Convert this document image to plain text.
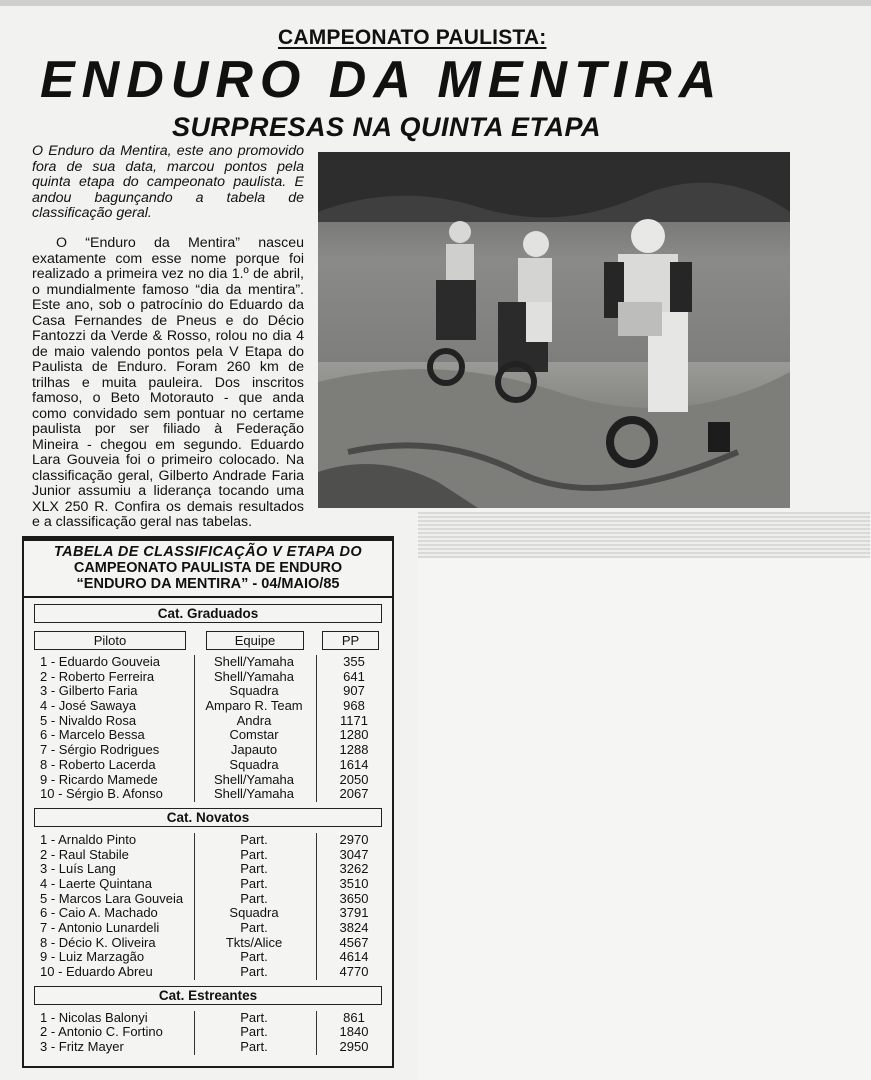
CAMPEONATO PAULISTA:
ENDURO DA MENTIRA
SURPRESAS NA QUINTA ETAPA
O Enduro da Mentira, este ano promovido fora de sua data, marcou pontos pela quinta etapa do campeonato paulista. E andou bagunçando a tabela de classificação geral.
O “Enduro da Mentira” nasceu exatamente com esse nome porque foi realizado a primeira vez no dia 1.º de abril, o mundialmente famoso “dia da mentira”. Este ano, sob o patrocínio do Eduardo da Casa Fernandes de Pneus e do Décio Fantozzi da Verde & Rosso, rolou no dia 4 de maio valendo pontos pela V Etapa do Paulista de Enduro. Foram 260 km de trilhas e muita pauleira. Dos inscritos famoso, o Beto Motorauto - que anda como convidado sem pontuar no certame paulista por ser filiado à Federação Mineira - chegou em segundo. Eduardo Lara Gouveia foi o primeiro colocado. Na classificação geral, Gilberto Andrade Faria Junior assumiu a liderança tocando uma XLX 250 R. Confira os demais resultados e a classificação geral nas tabelas.
TABELA DE CLASSIFICAÇÃO V ETAPA DO
CAMPEONATO PAULISTA DE ENDURO
“ENDURO DA MENTIRA” - 04/MAIO/85
Cat. Graduados
Piloto	Equipe	PP
1 - Eduardo Gouveia	Shell/Yamaha	355
2 - Roberto Ferreira	Shell/Yamaha	641
3 - Gilberto Faria	Squadra	907
4 - José Sawaya	Amparo R. Team	968
5 - Nivaldo Rosa	Andra	1171
6 - Marcelo Bessa	Comstar	1280
7 - Sérgio Rodrigues	Japauto	1288
8 - Roberto Lacerda	Squadra	1614
9 - Ricardo Mamede	Shell/Yamaha	2050
10 - Sérgio B. Afonso	Shell/Yamaha	2067
Cat. Novatos
1 - Arnaldo Pinto	Part.	2970
2 - Raul Stabile	Part.	3047
3 - Luís Lang	Part.	3262
4 - Laerte Quintana	Part.	3510
5 - Marcos Lara Gouveia	Part.	3650
6 - Caio A. Machado	Squadra	3791
7 - Antonio Lunardeli	Part.	3824
8 - Décio K. Oliveira	Tkts/Alice	4567
9 - Luiz Marzagão	Part.	4614
10 - Eduardo Abreu	Part.	4770
Cat. Estreantes
1 - Nicolas Balonyi	Part.	861
2 - Antonio C. Fortino	Part.	1840
3 - Fritz Mayer	Part.	2950
